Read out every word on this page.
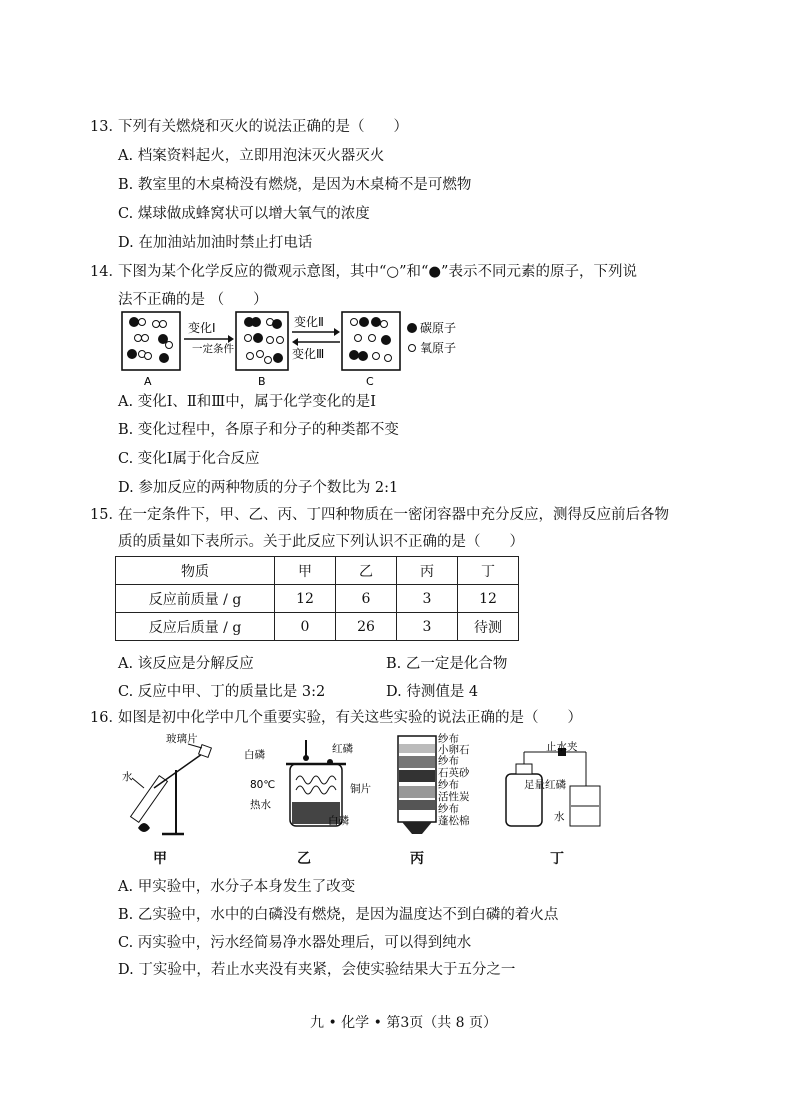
13．
下列有关燃烧和灭火的说法正确的是（　　）
A. 档案资料起火，立即用泡沫灭火器灭火
B. 教室里的木桌椅没有燃烧，是因为木桌椅不是可燃物
C. 煤球做成蜂窝状可以增大氧气的浓度
D. 在加油站加油时禁止打电话
14．
下图为某个化学反应的微观示意图，其中“○”和“●”表示不同元素的原子，下列说
法不正确的是 （　　）
A
变化Ⅰ
一定条件
B
变化Ⅱ
变化Ⅲ
C
碳原子
氧原子
A. 变化Ⅰ、Ⅱ和Ⅲ中，属于化学变化的是Ⅰ
B. 变化过程中，各原子和分子的种类都不变
C. 变化Ⅰ属于化合反应
D. 参加反应的两种物质的分子个数比为 2:1
15．
在一定条件下，甲、乙、丙、丁四种物质在一密闭容器中充分反应，测得反应前后各物
质的质量如下表所示。关于此反应下列认识不正确的是（　　）
物质	甲	乙	丙	丁
反应前质量 / g	12	6	3	12
反应后质量 / g	0	26	3	待测
A. 该反应是分解反应	B. 乙一定是化合物
C. 反应中甲、丁的质量比是 3:2	D. 待测值是 4
16．
如图是初中化学中几个重要实验，有关这些实验的说法正确的是（　　）
玻璃片
水
白磷	红磷
80℃
热水
铜片
白磷
纱布
小卵石
纱布
石英砂
纱布
活性炭
纱布
蓬松棉
止水夹
足量红磷
水
甲	乙	丙	丁
A. 甲实验中，水分子本身发生了改变
B. 乙实验中，水中的白磷没有燃烧，是因为温度达不到白磷的着火点
C. 丙实验中，污水经简易净水器处理后，可以得到纯水
D. 丁实验中，若止水夹没有夹紧，会使实验结果大于五分之一
九 • 化学 • 第3页（共 8 页）
